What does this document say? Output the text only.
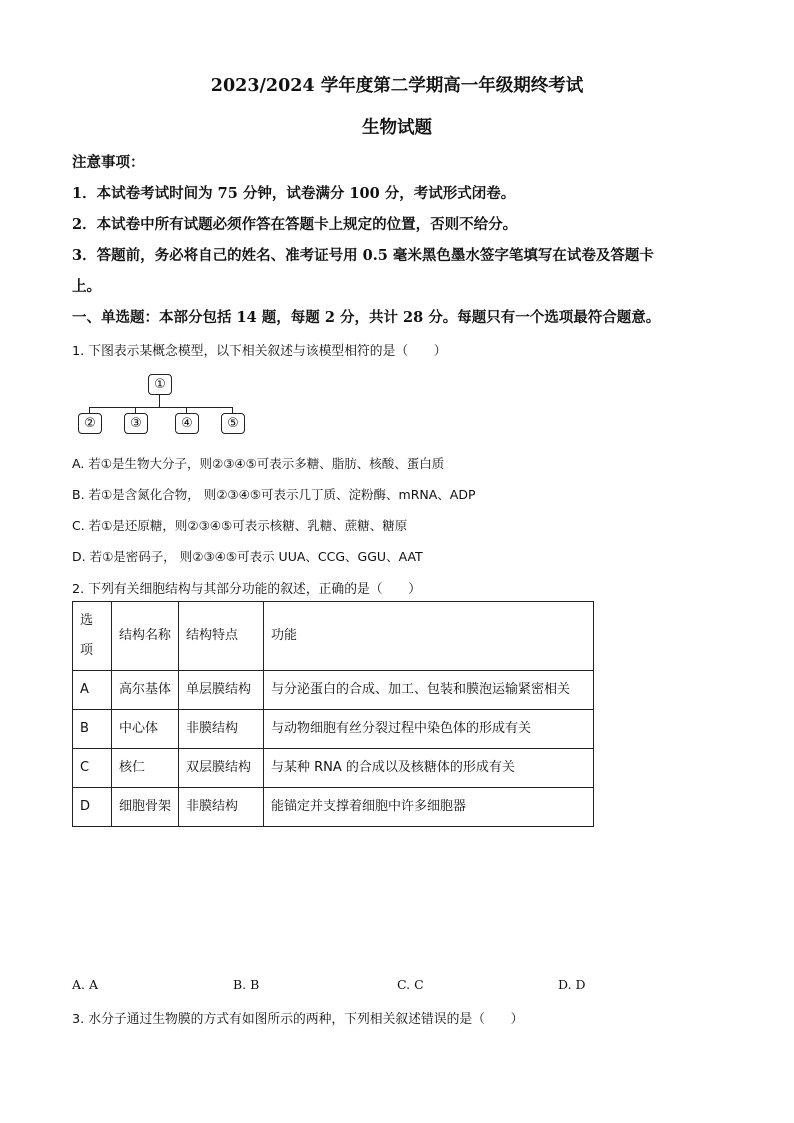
2023/2024 学年度第二学期高一年级期终考试
生物试题
注意事项：
1．本试卷考试时间为 75 分钟，试卷满分 100 分，考试形式闭卷。
2．本试卷中所有试题必须作答在答题卡上规定的位置，否则不给分。
3．答题前，务必将自己的姓名、准考证号用 0.5 毫米黑色墨水签字笔填写在试卷及答题卡
上。
一、单选题：本部分包括 14 题，每题 2 分，共计 28 分。每题只有一个选项最符合题意。
1. 下图表示某概念模型，以下相关叙述与该模型相符的是（　　）
①
②	③	④	⑤
A. 若①是生物大分子，则②③④⑤可表示多糖、脂肪、核酸、蛋白质
B. 若①是含氮化合物， 则②③④⑤可表示几丁质、淀粉酶、mRNA、ADP
C. 若①是还原糖，则②③④⑤可表示核糖、乳糖、蔗糖、糖原
D. 若①是密码子， 则②③④⑤可表示 UUA、CCG、GGU、AAT
2. 下列有关细胞结构与其部分功能的叙述，正确的是（　　）
选项	结构名称	结构特点	功能
A	高尔基体	单层膜结构	与分泌蛋白的合成、加工、包装和膜泡运输紧密相关
B	中心体	非膜结构	与动物细胞有丝分裂过程中染色体的形成有关
C	核仁	双层膜结构	与某种 RNA 的合成以及核糖体的形成有关
D	细胞骨架	非膜结构	能锚定并支撑着细胞中许多细胞器
A. A	B. B	C. C	D. D
3. 水分子通过生物膜的方式有如图所示的两种，下列相关叙述错误的是（　　）
